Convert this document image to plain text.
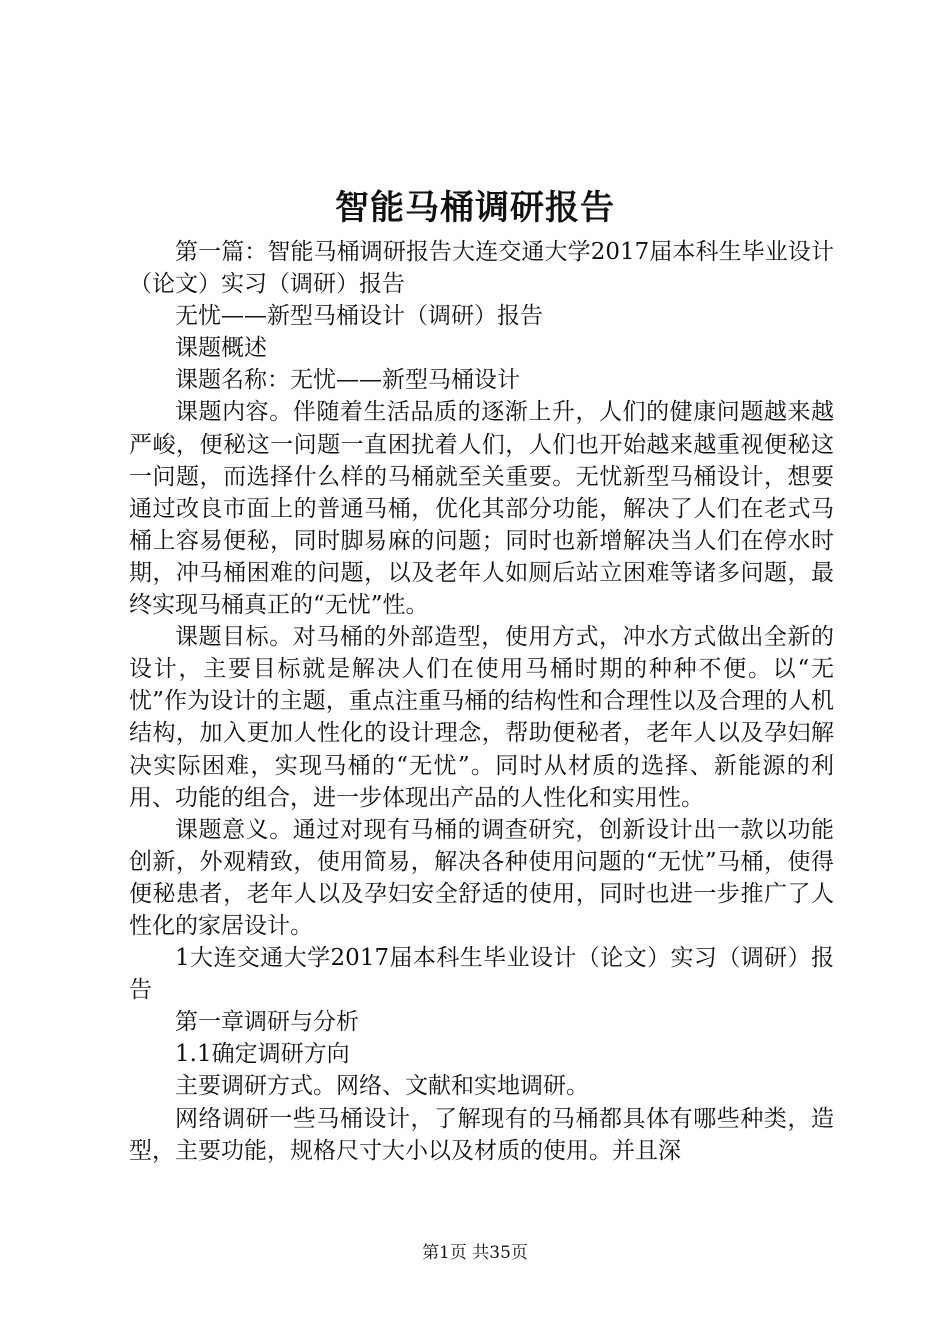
智能马桶调研报告

第一篇：智能马桶调研报告大连交通大学2017届本科生毕业设计（论文）实习（调研）报告

无忧——新型马桶设计（调研）报告

课题概述

课题名称：无忧——新型马桶设计

课题内容。伴随着生活品质的逐渐上升，人们的健康问题越来越严峻，便秘这一问题一直困扰着人们，人们也开始越来越重视便秘这一问题，而选择什么样的马桶就至关重要。无忧新型马桶设计，想要通过改良市面上的普通马桶，优化其部分功能，解决了人们在老式马桶上容易便秘，同时脚易麻的问题；同时也新增解决当人们在停水时期，冲马桶困难的问题，以及老年人如厕后站立困难等诸多问题，最终实现马桶真正的“无忧”性。

课题目标。对马桶的外部造型，使用方式，冲水方式做出全新的设计，主要目标就是解决人们在使用马桶时期的种种不便。以“无忧”作为设计的主题，重点注重马桶的结构性和合理性以及合理的人机结构，加入更加人性化的设计理念，帮助便秘者，老年人以及孕妇解决实际困难，实现马桶的“无忧”。同时从材质的选择、新能源的利用、功能的组合，进一步体现出产品的人性化和实用性。

课题意义。通过对现有马桶的调查研究，创新设计出一款以功能创新，外观精致，使用简易，解决各种使用问题的“无忧”马桶，使得便秘患者，老年人以及孕妇安全舒适的使用，同时也进一步推广了人性化的家居设计。

1大连交通大学2017届本科生毕业设计（论文）实习（调研）报告

第一章调研与分析

1.1确定调研方向

主要调研方式。网络、文献和实地调研。

网络调研一些马桶设计，了解现有的马桶都具体有哪些种类，造型，主要功能，规格尺寸大小以及材质的使用。并且深

第1页 共35页
